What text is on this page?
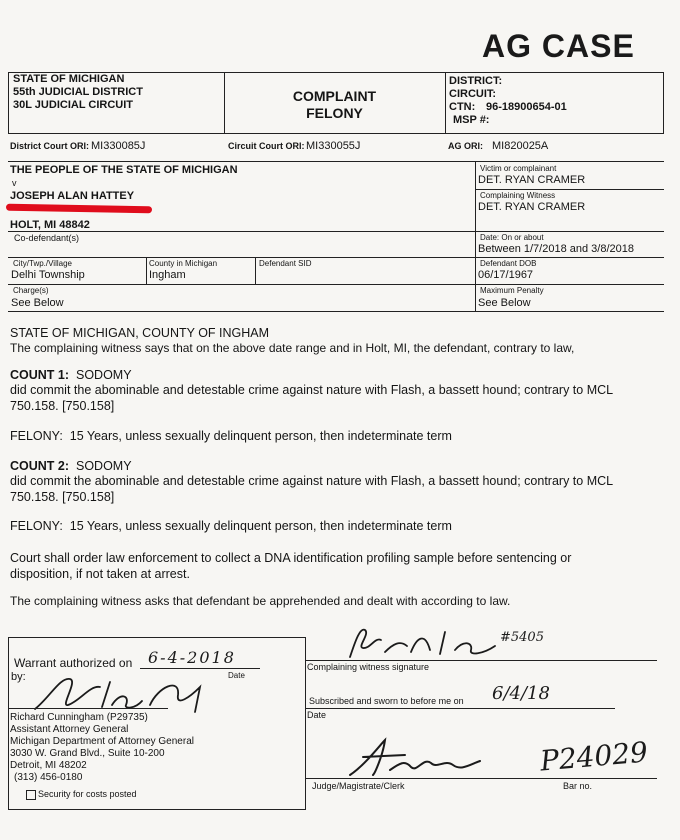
AG CASE
STATE OF MICHIGAN
55th JUDICIAL DISTRICT
30L JUDICIAL CIRCUIT
COMPLAINT
FELONY
DISTRICT:
CIRCUIT:
CTN: 96-18900654-01
MSP #:
District Court ORI: MI330085J	Circuit Court ORI: MI330055J	AG ORI: MI820025A
THE PEOPLE OF THE STATE OF MICHIGAN
v
JOSEPH ALAN HATTEY
HOLT, MI 48842
Co-defendant(s)
Victim or complainant
DET. RYAN CRAMER
Complaining Witness
DET. RYAN CRAMER
Date: On or about
Between 1/7/2018 and 3/8/2018
City/Twp./Village
Delhi Township
County in Michigan
Ingham
Defendant SID	Defendant DOB
06/17/1967
Charge(s)
See Below
Maximum Penalty
See Below
STATE OF MICHIGAN, COUNTY OF INGHAM
The complaining witness says that on the above date range and in Holt, MI, the defendant, contrary to law,
COUNT 1: SODOMY
did commit the abominable and detestable crime against nature with Flash, a bassett hound; contrary to MCL
750.158. [750.158]
FELONY: 15 Years, unless sexually delinquent person, then indeterminate term
COUNT 2: SODOMY
did commit the abominable and detestable crime against nature with Flash, a bassett hound; contrary to MCL
750.158. [750.158]
FELONY: 15 Years, unless sexually delinquent person, then indeterminate term
Court shall order law enforcement to collect a DNA identification profiling sample before sentencing or
disposition, if not taken at arrest.
The complaining witness asks that defendant be apprehended and dealt with according to law.
Warrant authorized on 6-4-2018
by:	Date
Richard Cunningham (P29735)
Assistant Attorney General
Michigan Department of Attorney General
3030 W. Grand Blvd., Suite 10-200
Detroit, MI 48202
(313) 456-0180
Security for costs posted
#5405
Complaining witness signature
Subscribed and sworn to before me on 6/4/18
Date
P24029
Judge/Magistrate/Clerk	Bar no.
